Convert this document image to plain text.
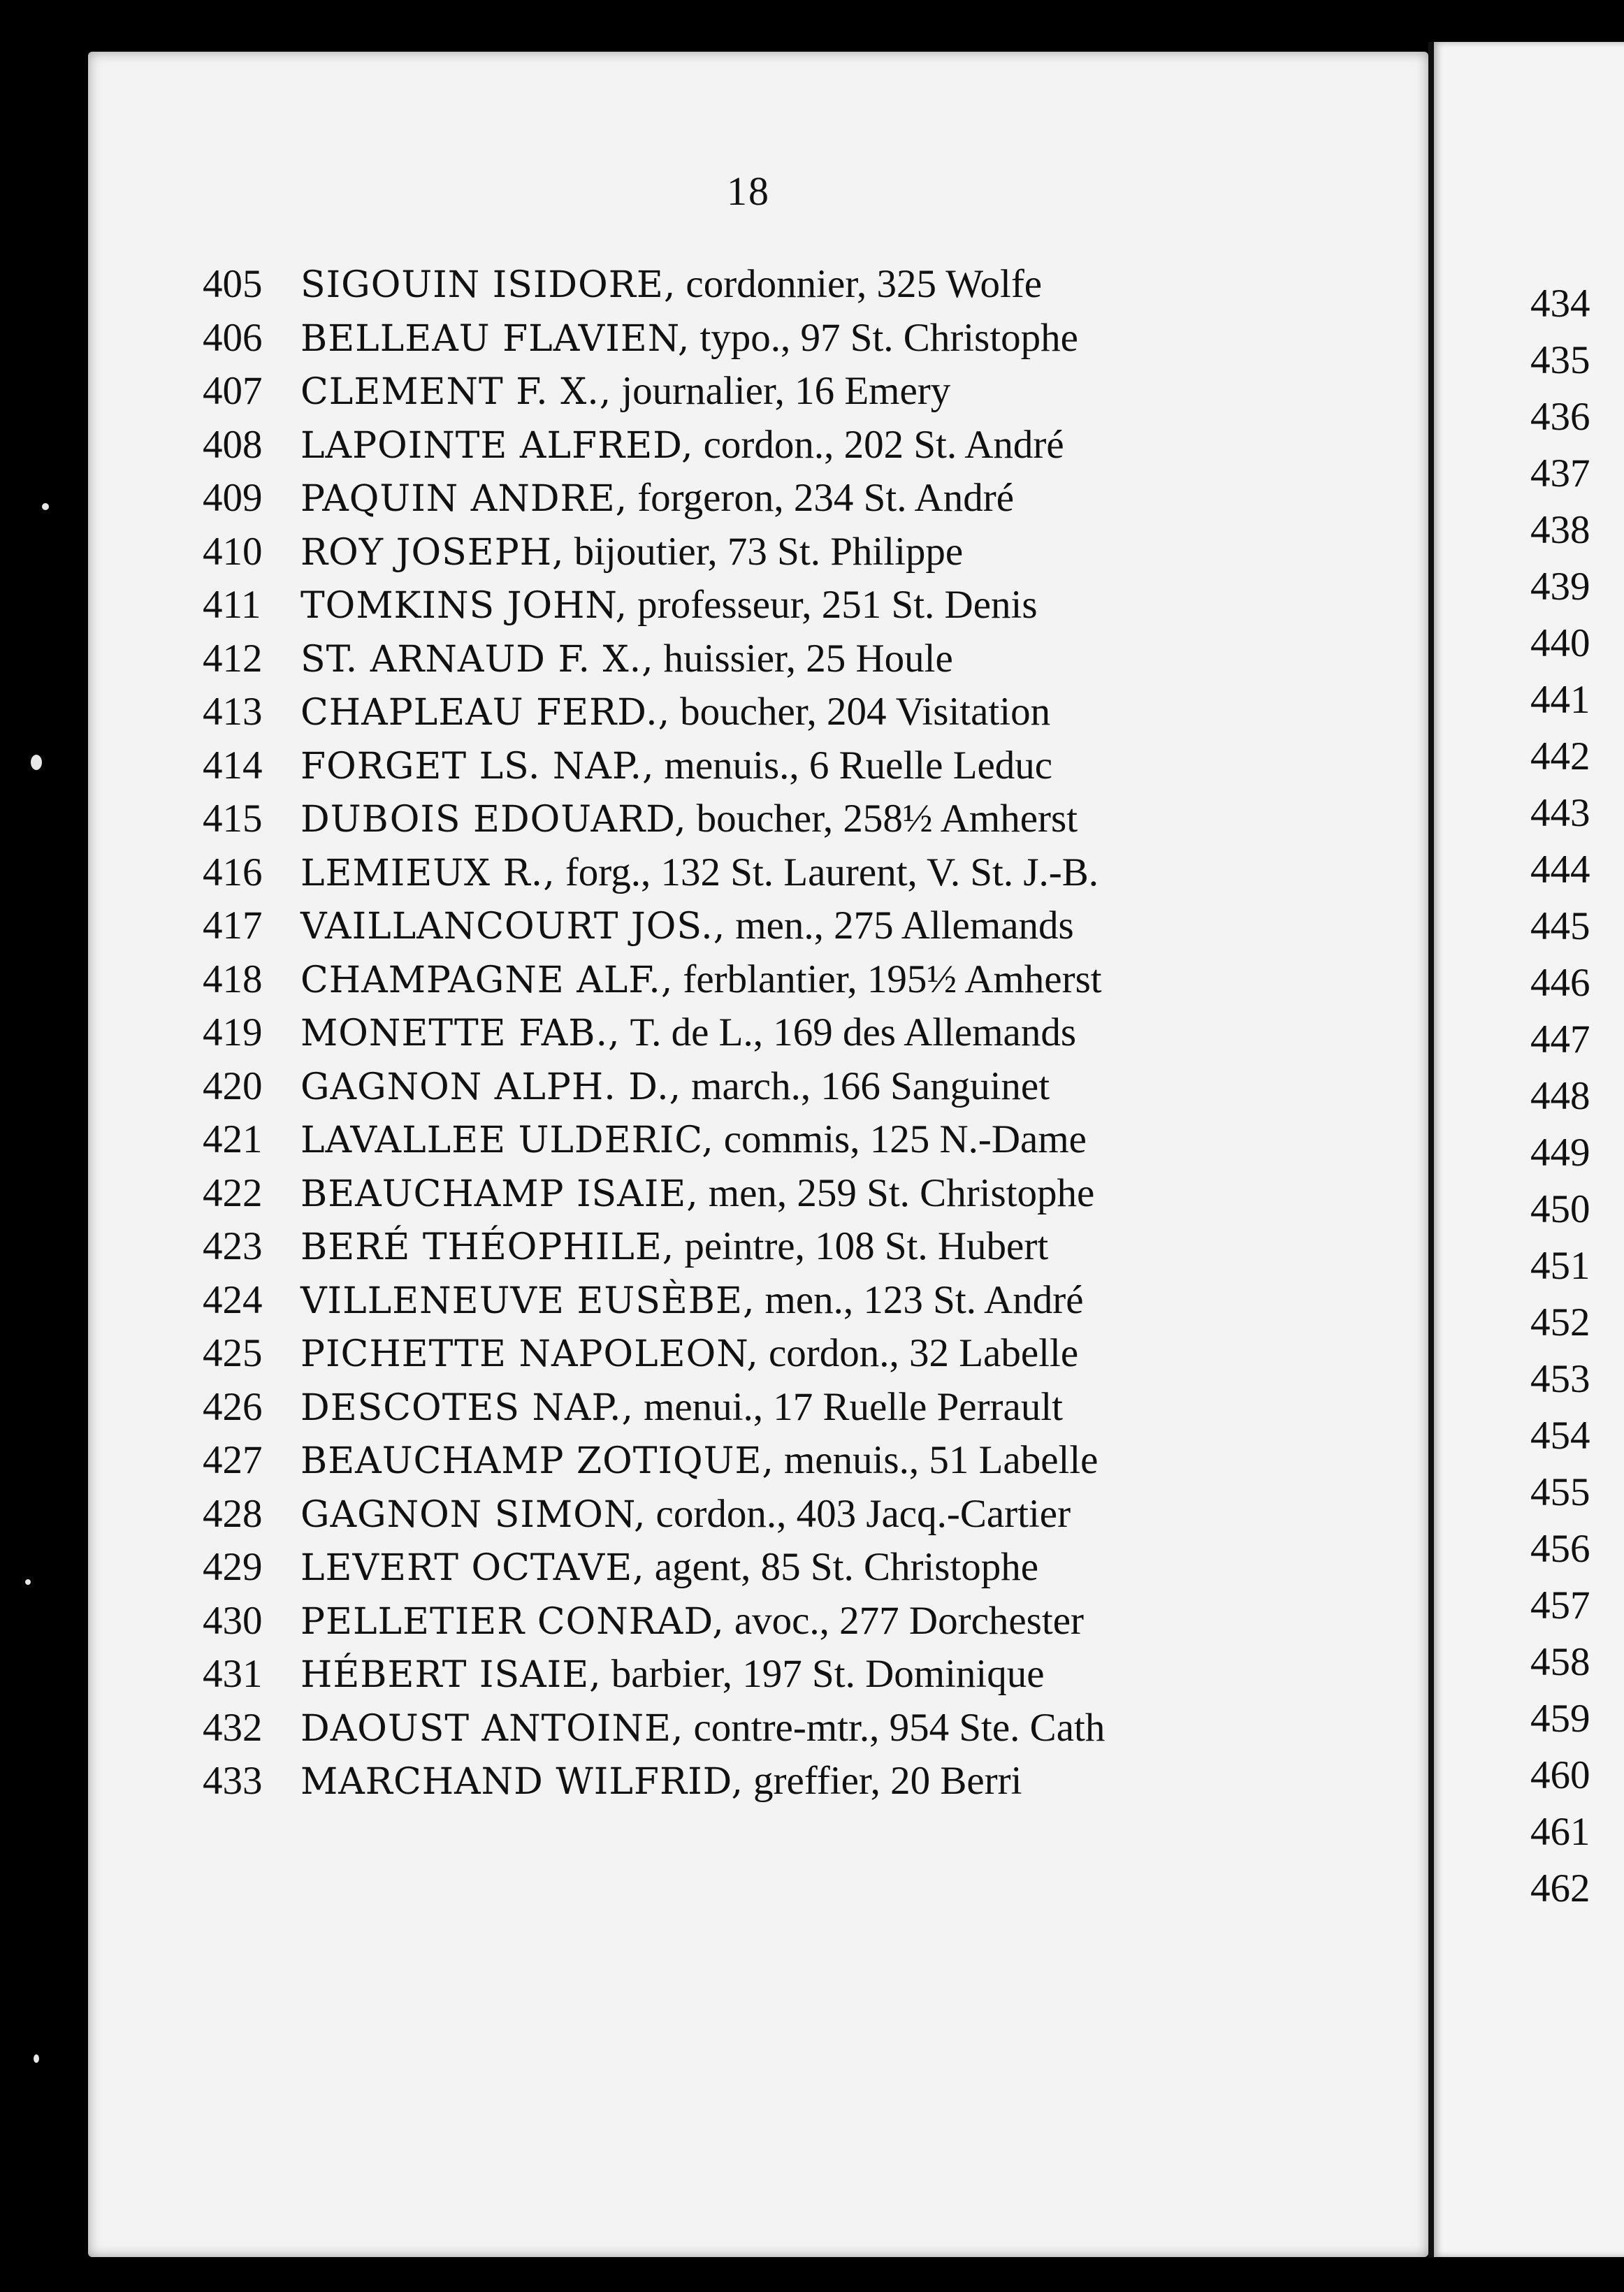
18
405	SIGOUIN ISIDORE, cordonnier, 325 Wolfe
406	BELLEAU FLAVIEN, typo., 97 St. Christophe
407	CLEMENT F. X., journalier, 16 Emery
408	LAPOINTE ALFRED, cordon., 202 St. André
409	PAQUIN ANDRE, forgeron, 234 St. André
410	ROY JOSEPH, bijoutier, 73 St. Philippe
411	TOMKINS JOHN, professeur, 251 St. Denis
412	ST. ARNAUD F. X., huissier, 25 Houle
413	CHAPLEAU FERD., boucher, 204 Visitation
414	FORGET LS. NAP., menuis., 6 Ruelle Leduc
415	DUBOIS EDOUARD, boucher, 258½ Amherst
416	LEMIEUX R., forg., 132 St. Laurent, V. St. J.-B.
417	VAILLANCOURT JOS., men., 275 Allemands
418	CHAMPAGNE ALF., ferblantier, 195½ Amherst
419	MONETTE FAB., T. de L., 169 des Allemands
420	GAGNON ALPH. D., march., 166 Sanguinet
421	LAVALLEE ULDERIC, commis, 125 N.-Dame
422	BEAUCHAMP ISAIE, men, 259 St. Christophe
423	BERÉ THÉOPHILE, peintre, 108 St. Hubert
424	VILLENEUVE EUSÈBE, men., 123 St. André
425	PICHETTE NAPOLEON, cordon., 32 Labelle
426	DESCOTES NAP., menui., 17 Ruelle Perrault
427	BEAUCHAMP ZOTIQUE, menuis., 51 Labelle
428	GAGNON SIMON, cordon., 403 Jacq.-Cartier
429	LEVERT OCTAVE, agent, 85 St. Christophe
430	PELLETIER CONRAD, avoc., 277 Dorchester
431	HÉBERT ISAIE, barbier, 197 St. Dominique
432	DAOUST ANTOINE, contre-mtr., 954 Ste. Cath
433	MARCHAND WILFRID, greffier, 20 Berri
434
435
436
437
438
439
440
441
442
443
444
445
446
447
448
449
450
451
452
453
454
455
456
457
458
459
460
461
462
